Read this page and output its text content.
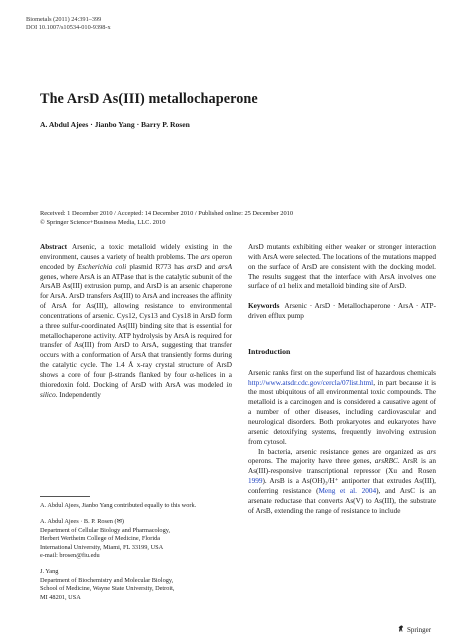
Biometals (2011) 24:391–399
DOI 10.1007/s10534-010-9398-x
The ArsD As(III) metallochaperone
A. Abdul Ajees · Jianbo Yang · Barry P. Rosen
Received: 1 December 2010 / Accepted: 14 December 2010 / Published online: 25 December 2010
© Springer Science+Business Media, LLC. 2010

Abstract Arsenic, a toxic metalloid widely existing in the environment, causes a variety of health problems. The ars operon encoded by Escherichia coli plasmid R773 has arsD and arsA genes, where ArsA is an ATPase that is the catalytic subunit of the ArsAB As(III) extrusion pump, and ArsD is an arsenic chaperone for ArsA. ArsD transfers As(III) to ArsA and increases the affinity of ArsA for As(III), allowing resistance to environmental concentrations of arsenic. Cys12, Cys13 and Cys18 in ArsD form a three sulfur-coordinated As(III) binding site that is essential for metallochaperone activity. ATP hydrolysis by ArsA is required for transfer of As(III) from ArsD to ArsA, suggesting that transfer occurs with a conformation of ArsA that transiently forms during the catalytic cycle. The 1.4 Å x-ray crystal structure of ArsD shows a core of four β-strands flanked by four α-helices in a thioredoxin fold. Docking of ArsD with ArsA was modeled in silico. Independently

ArsD mutants exhibiting either weaker or stronger interaction with ArsA were selected. The locations of the mutations mapped on the surface of ArsD are consistent with the docking model. The results suggest that the interface with ArsA involves one surface of α1 helix and metalloid binding site of ArsD.

Keywords Arsenic · ArsD · Metallochaperone · ArsA · ATP-driven efflux pump

Introduction

Arsenic ranks first on the superfund list of hazardous chemicals http://www.atsdr.cdc.gov/cercla/07list.html, in part because it is the most ubiquitous of all environmental toxic compounds. The metalloid is a carcinogen and is considered a causative agent of a number of other diseases, including cardiovascular and neurological disorders. Both prokaryotes and eukaryotes have arsenic detoxifying systems, frequently involving extrusion from cytosol.

In bacteria, arsenic resistance genes are organized as ars operons. The majority have three genes, arsRBC. ArsR is an As(III)-responsive transcriptional repressor (Xu and Rosen 1999). ArsB is a As(OH)₃/H⁺ antiporter that extrudes As(III), conferring resistance (Meng et al. 2004), and ArsC is an arsenate reductase that converts As(V) to As(III), the substrate of ArsB, extending the range of resistance to include

A. Abdul Ajees, Jianbo Yang contributed equally to this work.

A. Abdul Ajees · B. P. Rosen (✉)

Department of Cellular Biology and Pharmacology,

Herbert Wertheim College of Medicine, Florida

International University, Miami, FL 33199, USA

e-mail: brosen@fiu.edu

J. Yang

Department of Biochemistry and Molecular Biology,

School of Medicine, Wayne State University, Detroit,

MI 48201, USA

Springer
